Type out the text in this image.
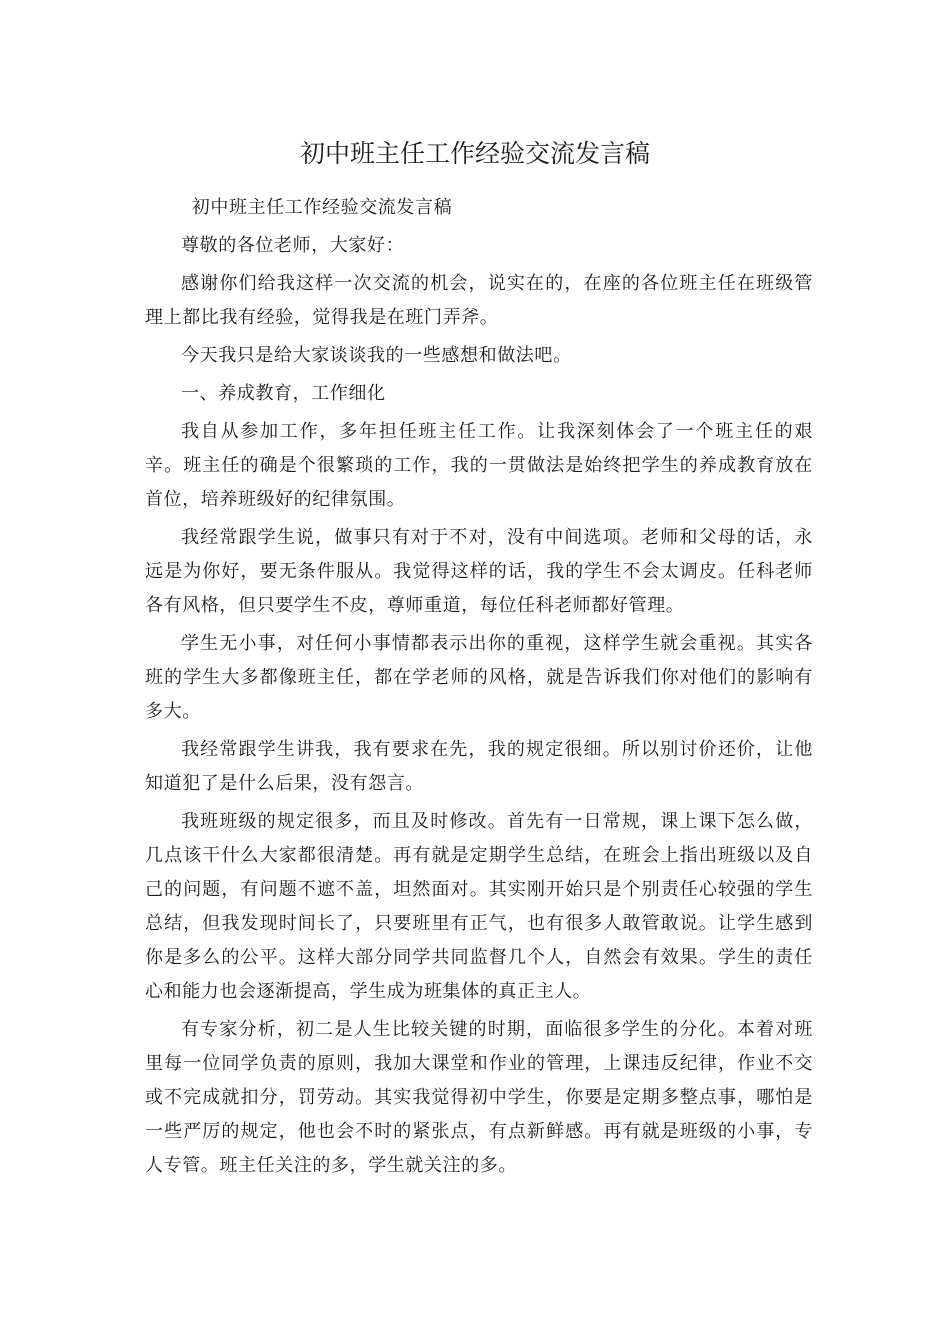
初中班主任工作经验交流发言稿

初中班主任工作经验交流发言稿

尊敬的各位老师，大家好：

感谢你们给我这样一次交流的机会，说实在的，在座的各位班主任在班级管理上都比我有经验，觉得我是在班门弄斧。

今天我只是给大家谈谈我的一些感想和做法吧。

一、养成教育，工作细化

我自从参加工作，多年担任班主任工作。让我深刻体会了一个班主任的艰辛。班主任的确是个很繁琐的工作，我的一贯做法是始终把学生的养成教育放在首位，培养班级好的纪律氛围。

我经常跟学生说，做事只有对于不对，没有中间选项。老师和父母的话，永远是为你好，要无条件服从。我觉得这样的话，我的学生不会太调皮。任科老师各有风格，但只要学生不皮，尊师重道，每位任科老师都好管理。

学生无小事，对任何小事情都表示出你的重视，这样学生就会重视。其实各班的学生大多都像班主任，都在学老师的风格，就是告诉我们你对他们的影响有多大。

我经常跟学生讲我，我有要求在先，我的规定很细。所以别讨价还价，让他知道犯了是什么后果，没有怨言。

我班班级的规定很多，而且及时修改。首先有一日常规，课上课下怎么做，几点该干什么大家都很清楚。再有就是定期学生总结，在班会上指出班级以及自己的问题，有问题不遮不盖，坦然面对。其实刚开始只是个别责任心较强的学生总结，但我发现时间长了，只要班里有正气，也有很多人敢管敢说。让学生感到你是多么的公平。这样大部分同学共同监督几个人，自然会有效果。学生的责任心和能力也会逐渐提高，学生成为班集体的真正主人。

有专家分析，初二是人生比较关键的时期，面临很多学生的分化。本着对班里每一位同学负责的原则，我加大课堂和作业的管理，上课违反纪律，作业不交或不完成就扣分，罚劳动。其实我觉得初中学生，你要是定期多整点事，哪怕是一些严厉的规定，他也会不时的紧张点，有点新鲜感。再有就是班级的小事，专人专管。班主任关注的多，学生就关注的多。
